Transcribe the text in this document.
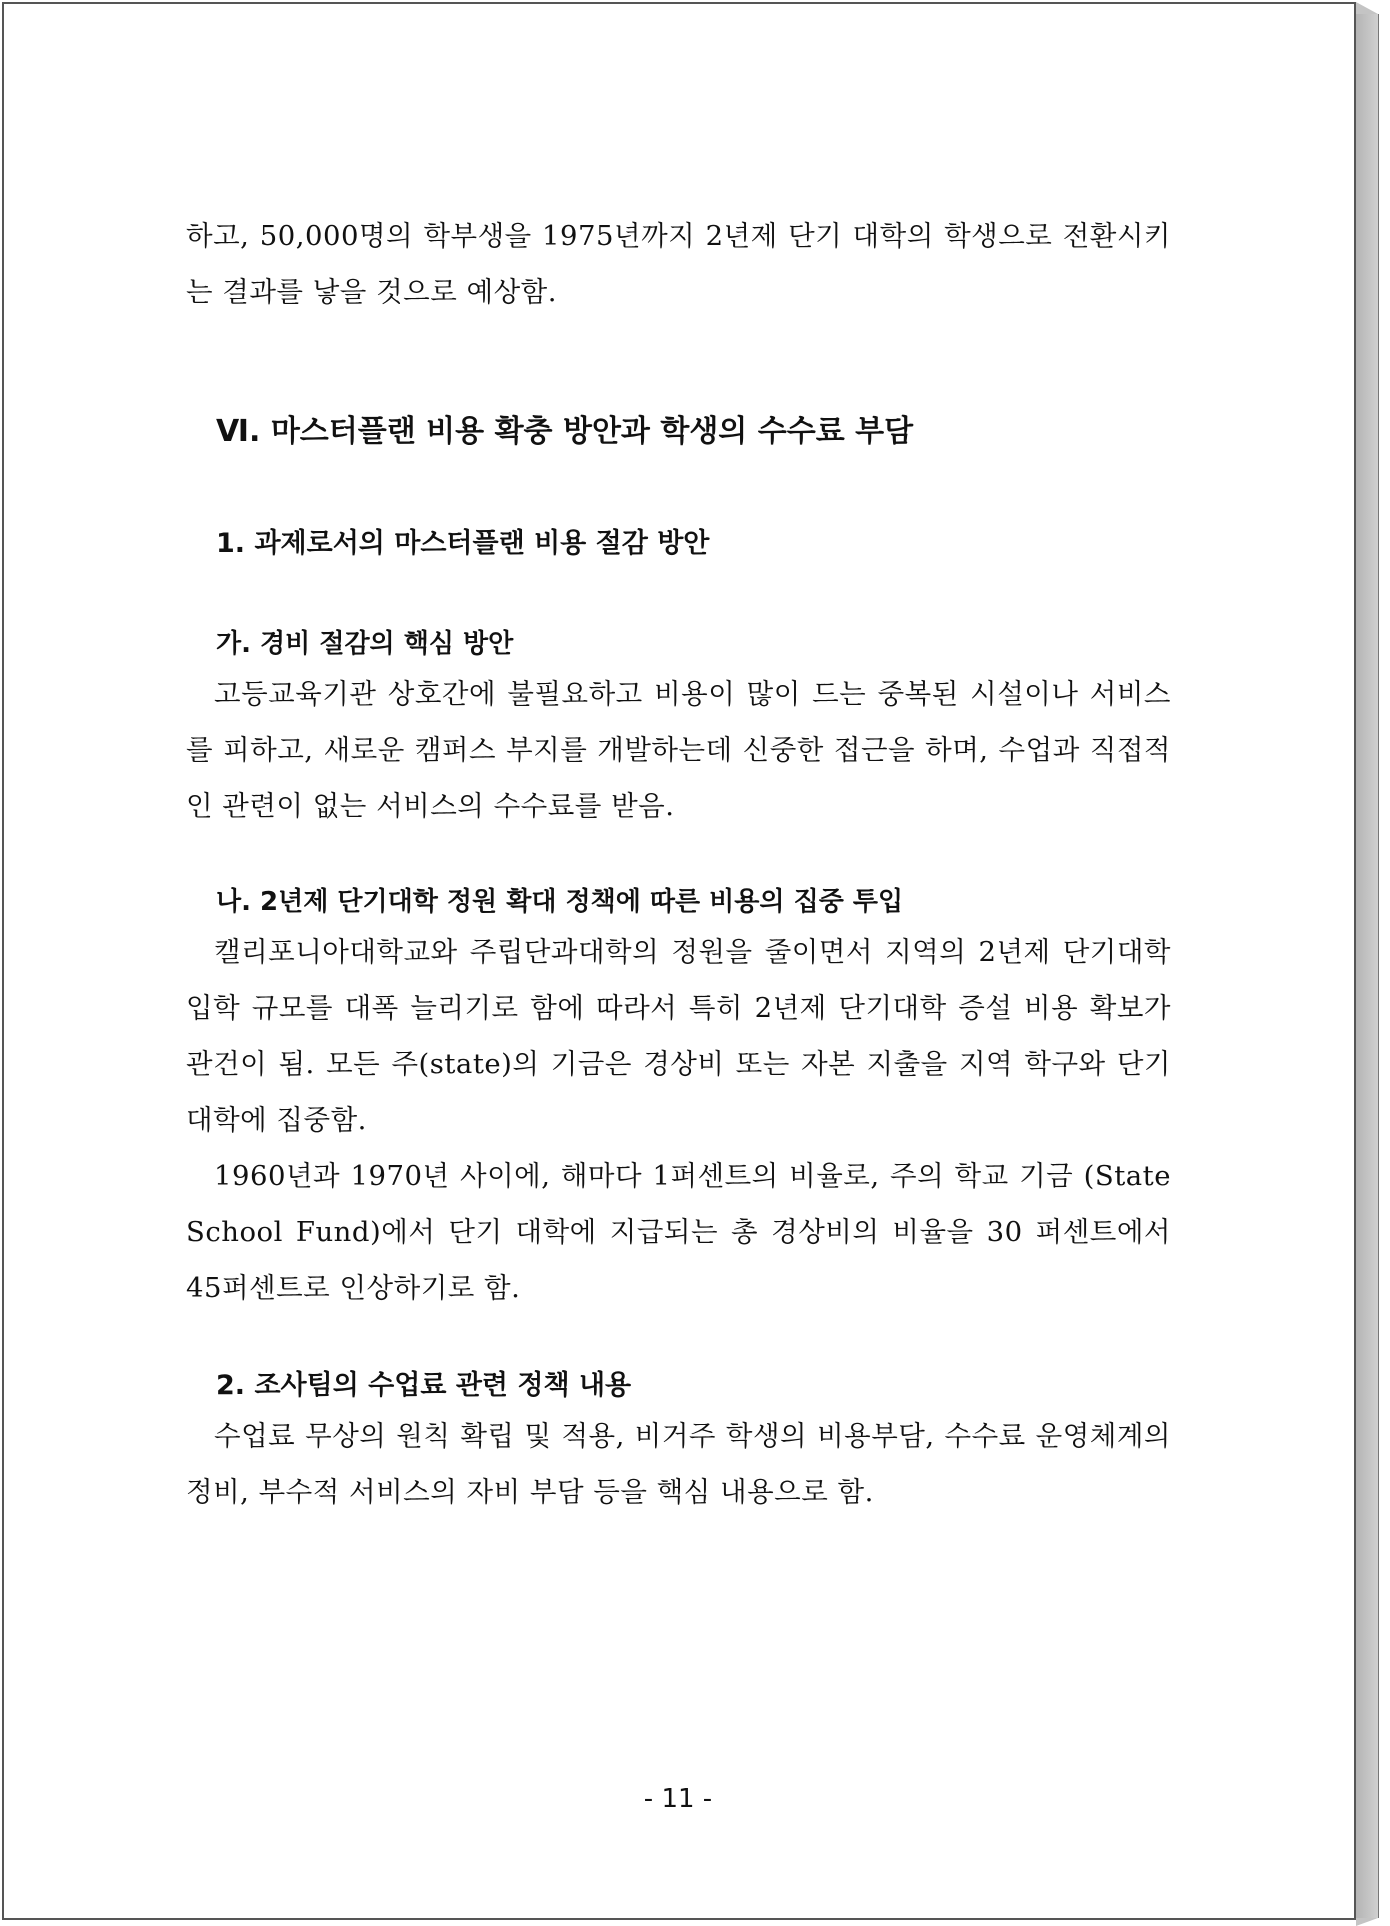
하고, 50,000명의 학부생을 1975년까지 2년제 단기 대학의 학생으로 전환시키는 결과를 낳을 것으로 예상함.

Ⅵ. 마스터플랜 비용 확충 방안과 학생의 수수료 부담
1. 과제로서의 마스터플랜 비용 절감 방안
가. 경비 절감의 핵심 방안

고등교육기관 상호간에 불필요하고 비용이 많이 드는 중복된 시설이나 서비스를 피하고, 새로운 캠퍼스 부지를 개발하는데 신중한 접근을 하며, 수업과 직접적인 관련이 없는 서비스의 수수료를 받음.

나. 2년제 단기대학 정원 확대 정책에 따른 비용의 집중 투입

캘리포니아대학교와 주립단과대학의 정원을 줄이면서 지역의 2년제 단기대학 입학 규모를 대폭 늘리기로 함에 따라서 특히 2년제 단기대학 증설 비용 확보가 관건이 됨. 모든 주(state)의 기금은 경상비 또는 자본 지출을 지역 학구와 단기 대학에 집중함.

1960년과 1970년 사이에, 해마다 1퍼센트의 비율로, 주의 학교 기금 (State School Fund)에서 단기 대학에 지급되는 총 경상비의 비율을 30 퍼센트에서 45퍼센트로 인상하기로 함.

2. 조사팀의 수업료 관련 정책 내용

수업료 무상의 원칙 확립 및 적용, 비거주 학생의 비용부담, 수수료 운영체계의 정비, 부수적 서비스의 자비 부담 등을 핵심 내용으로 함.

- 11 -
